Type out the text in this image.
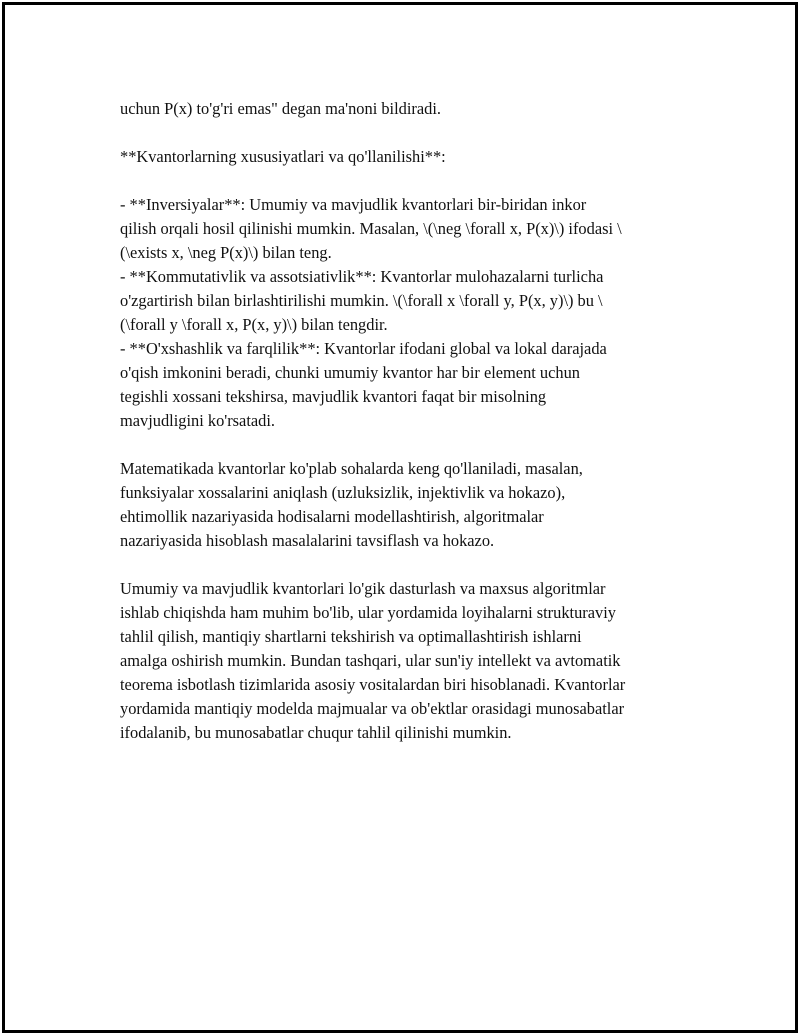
uchun P(x) to'g'ri emas" degan ma'noni bildiradi.
**Kvantorlarning xususiyatlari va qo'llanilishi**:
- **Inversiyalar**: Umumiy va mavjudlik kvantorlari bir-biridan inkor
qilish orqali hosil qilinishi mumkin. Masalan, \(\neg \forall x, P(x)\) ifodasi \
(\exists x, \neg P(x)\) bilan teng.
- **Kommutativlik va assotsiativlik**: Kvantorlar mulohazalarni turlicha
o'zgartirish bilan birlashtirilishi mumkin. \(\forall x \forall y, P(x, y)\) bu \
(\forall y \forall x, P(x, y)\) bilan tengdir.
- **O'xshashlik va farqlilik**: Kvantorlar ifodani global va lokal darajada
o'qish imkonini beradi, chunki umumiy kvantor har bir element uchun
tegishli xossani tekshirsa, mavjudlik kvantori faqat bir misolning
mavjudligini ko'rsatadi.
Matematikada kvantorlar ko'plab sohalarda keng qo'llaniladi, masalan,
funksiyalar xossalarini aniqlash (uzluksizlik, injektivlik va hokazo),
ehtimollik nazariyasida hodisalarni modellashtirish, algoritmalar
nazariyasida hisoblash masalalarini tavsiflash va hokazo.
Umumiy va mavjudlik kvantorlari lo'gik dasturlash va maxsus algoritmlar
ishlab chiqishda ham muhim bo'lib, ular yordamida loyihalarni strukturaviy
tahlil qilish, mantiqiy shartlarni tekshirish va optimallashtirish ishlarni
amalga oshirish mumkin. Bundan tashqari, ular sun'iy intellekt va avtomatik
teorema isbotlash tizimlarida asosiy vositalardan biri hisoblanadi. Kvantorlar
yordamida mantiqiy modelda majmualar va ob'ektlar orasidagi munosabatlar
ifodalanib, bu munosabatlar chuqur tahlil qilinishi mumkin.
